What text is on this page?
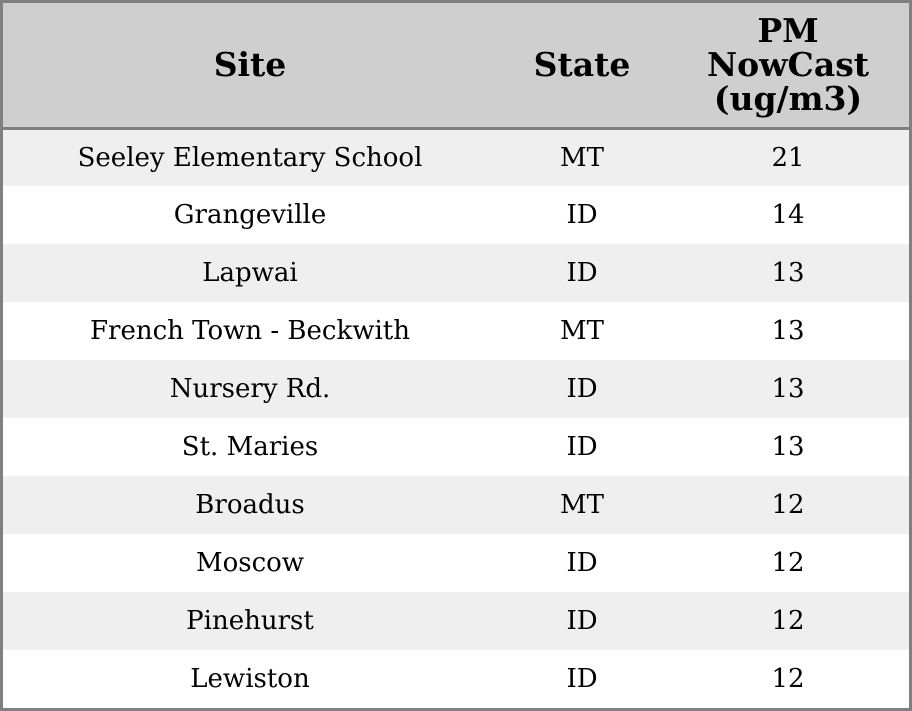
Site	State	PM
NowCast
(ug/m3)

Seeley Elementary School	MT	21
Grangeville	ID	14
Lapwai	ID	13
French Town - Beckwith	MT	13
Nursery Rd.	ID	13
St. Maries	ID	13
Broadus	MT	12
Moscow	ID	12
Pinehurst	ID	12
Lewiston	ID	12
